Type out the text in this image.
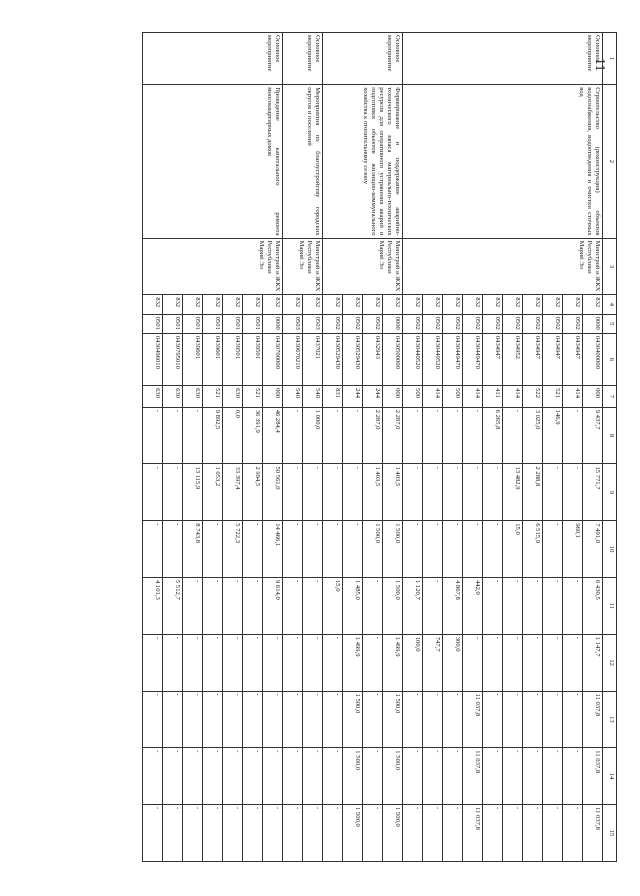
11 1	2	3	4	5	6	7	8	9	10	11	12	13	14	15
Основное мероприятие	Строительство (реконструкция) объектов водоснабжения, водоотведения и очистки сточных вод	Минстрой и ЖКХ Республики Марий Эл	832	0000	0430400000	000	9 437,7	15 771,7	7 491,0	6 430,5	1 147,7	11 037,8	11 037,8	11 037,8
			832	0502	0434947	414	-	-	960,1	-	-	-	-	-
			832	0502	0434947	521	146,9	-	-	-	-	-	-	-
			832	0502	0434947	522	3 025,0	2 288,8	6 515,9	-	-	-	-	-
			832	0502	0434952	414	-	13 482,9	15,0	-	-	-	-	-
			832	0502	0434947	411	6 265,8	-	-	-	-	-	-	-
			832	0502	0430449470	414	-	-	-	442,0	-	11 037,8	11 037,8	11 037,8
			832	0502	0430449470	500	-	-	-	4 867,8	300,0	-	-	-
			832	0502	0430449520	414	-	-	-	-	747,7	-	-	-
			832	0502	0430449520	500	-	-	-	1 120,7	100,0	-	-	-
Основное мероприятие	Формирование и поддержание аварийно-технического запаса материально-технических ресурсов для оперативного устранения аварий и подготовки объектов жилищно-коммунального хозяйства к отопительному сезону	Минстрой и ЖКХ Республики Марий Эл	832	0000	0430500000	000	2 287,0	1 403,5	1 500,0	1 500,0	1 499,9	1 500,0	1 500,0	1 500,0
			832	0502	0432943	244	2 287,0	1 403,5	1 500,0	-	-	-	-	-
			832	0502	0430529430	244	-	-	-	1 485,0	1 499,9	1 500,0	1 500,0	1 500,0
			832	0502	0430529430	831	-	-	-	15,0	-	-	-	-
Основное мероприятие	Мероприятия по благоустройству городских округов и поселений	Минстрой и ЖКХ Республики Марий Эл	832	0503	0437021	540	1 000,0	-	-	-	-	-	-	-
			832	0503	0430670210	540	-	-	-	-	-	-	-	-
Основное мероприятие	Проведение капитального ремонта многоквартирных домов	Минстрой и ЖКХ Республики Марий Эл	832	0000	0430700000	000	46 284,4	50 561,0	14 466,1	9 614,0	-	-	-	-
			832	0501	0439501	521	36 391,9	2 994,5	-	-	-	-	-	-
			832	0501	0439501	630	0,0	33 397,4	5 722,3	-	-	-	-	-
			832	0501	0439601	521	9 892,5	1 053,2	-	-	-	-	-	-
			832	0501	0439601	630	-	13 115,9	8 743,8	-	-	-	-	-
			832	0501	0430795010	630	-	-	-	5 512,7	-	-	-	-
			832	0501	0430496010	630	-	-	-	4 101,3	-	-	-	-
